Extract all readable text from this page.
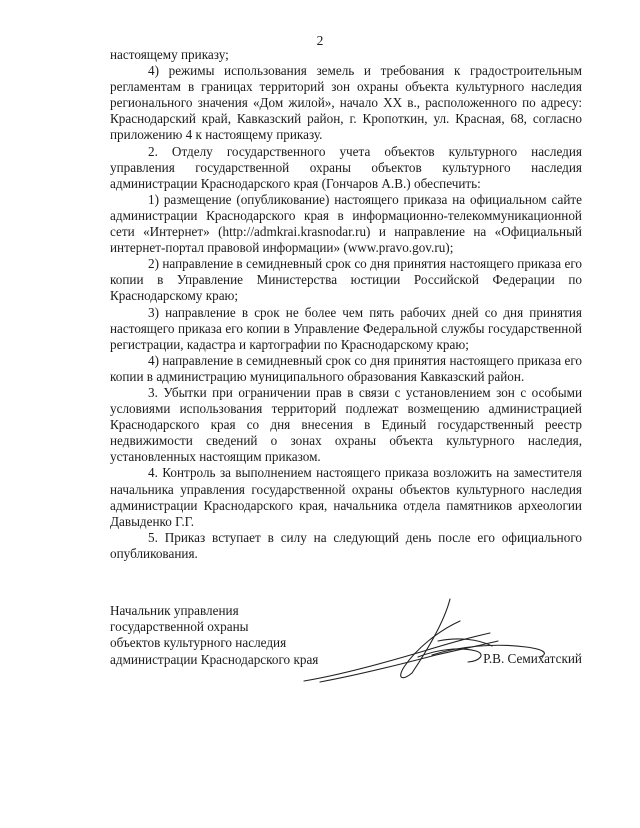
2

настоящему приказу;

4) режимы использования земель и требования к градостроительным регламентам в границах территорий зон охраны объекта культурного наследия регионального значения «Дом жилой», начало XX в., расположенного по адресу: Краснодарский край, Кавказский район, г. Кропоткин, ул. Красная, 68, согласно приложению 4 к настоящему приказу.

2. Отделу государственного учета объектов культурного наследия управления государственной охраны объектов культурного наследия администрации Краснодарского края (Гончаров А.В.) обеспечить:

1) размещение (опубликование) настоящего приказа на официальном сайте администрации Краснодарского края в информационно-телекоммуникационной сети «Интернет» (http://admkrai.krasnodar.ru) и направление на «Официальный интернет-портал правовой информации» (www.pravo.gov.ru);

2) направление в семидневный срок со дня принятия настоящего приказа его копии в Управление Министерства юстиции Российской Федерации по Краснодарскому краю;

3) направление в срок не более чем пять рабочих дней со дня принятия настоящего приказа его копии в Управление Федеральной службы государственной регистрации, кадастра и картографии по Краснодарскому краю;

4) направление в семидневный срок со дня принятия настоящего приказа его копии в администрацию муниципального образования Кавказский район.

3. Убытки при ограничении прав в связи с установлением зон с особыми условиями использования территорий подлежат возмещению администрацией Краснодарского края со дня внесения в Единый государственный реестр недвижимости сведений о зонах охраны объекта культурного наследия, установленных настоящим приказом.

4. Контроль за выполнением настоящего приказа возложить на заместителя начальника управления государственной охраны объектов культурного наследия администрации Краснодарского края, начальника отдела памятников археологии Давыденко Г.Г.

5. Приказ вступает в силу на следующий день после его официального опубликования.

Начальник управления
государственной охраны
объектов культурного наследия
администрации Краснодарского края	Р.В. Семихатский
